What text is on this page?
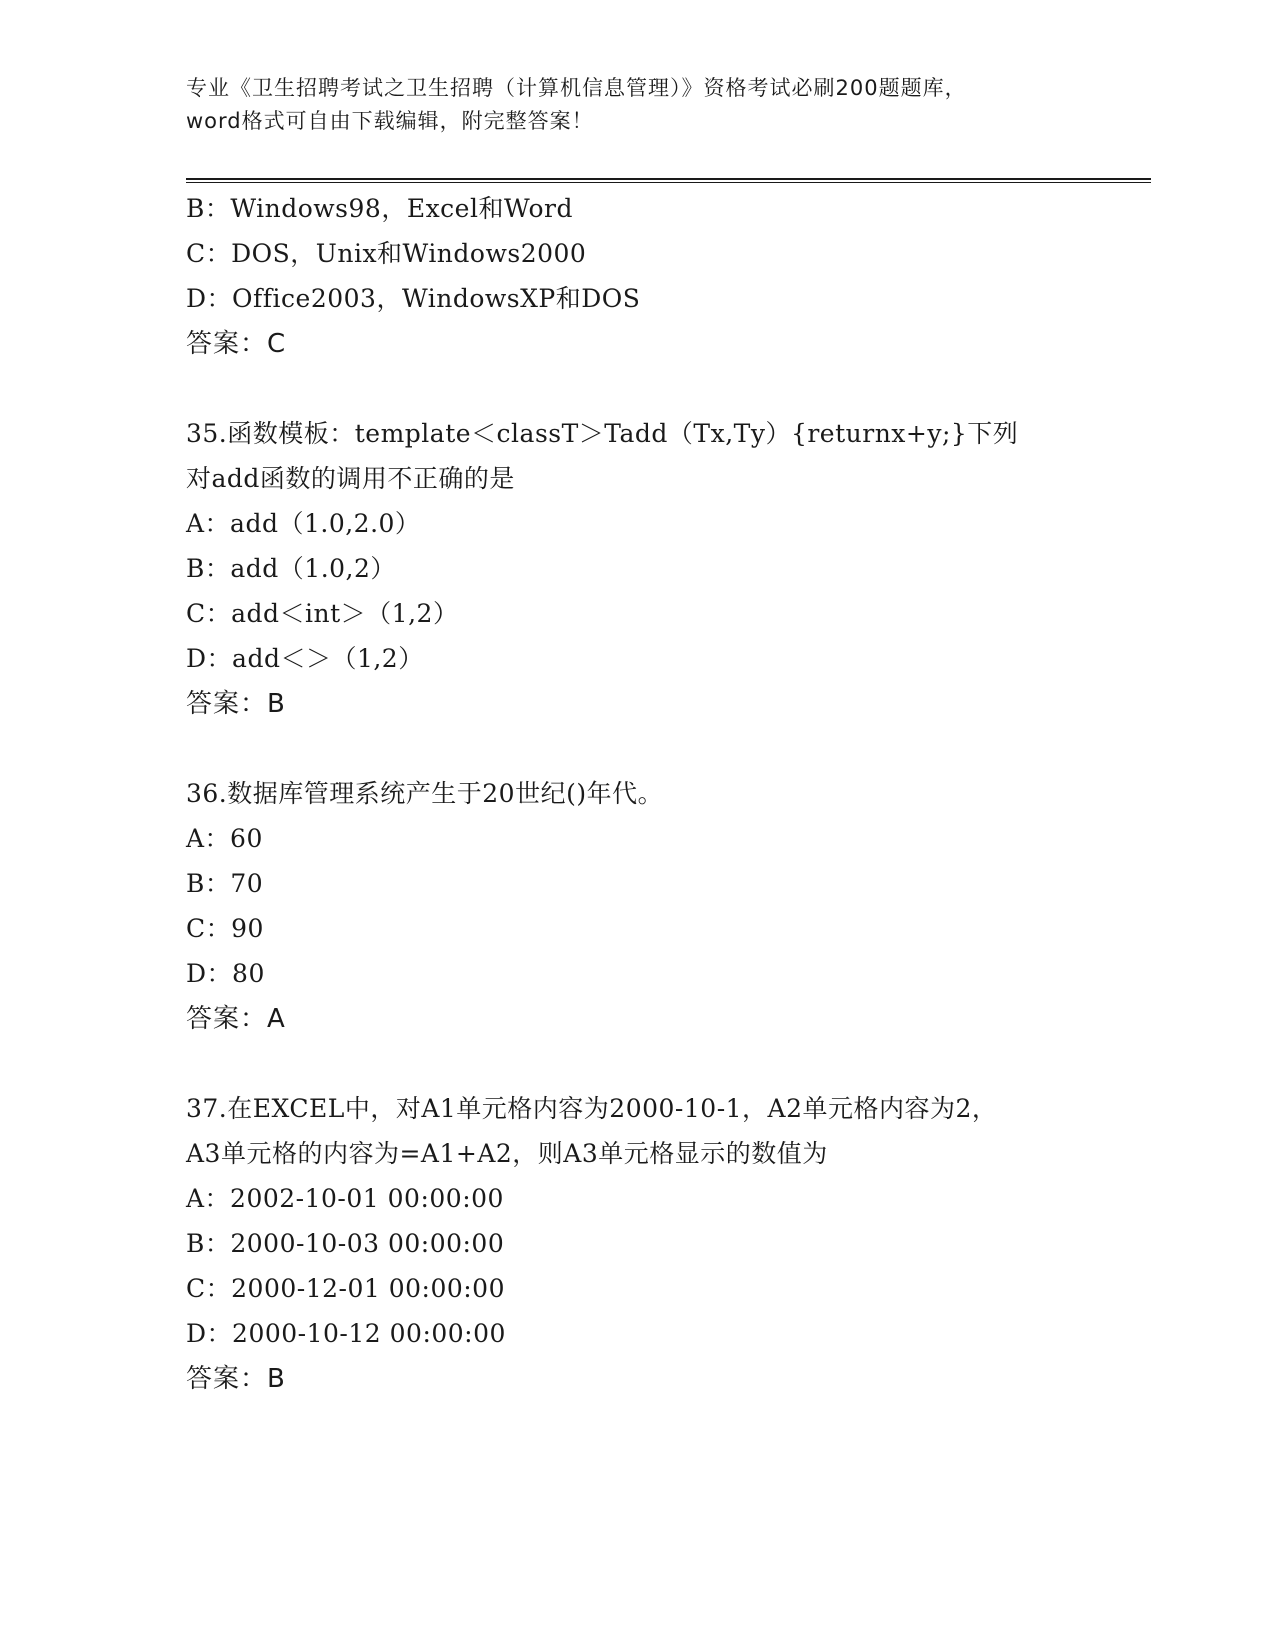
专业《卫生招聘考试之卫生招聘（计算机信息管理）》资格考试必刷200题题库，
word格式可自由下载编辑，附完整答案！
B：Windows98，Excel和Word
C：DOS，Unix和Windows2000
D：Office2003，WindowsXP和DOS
答案：C
35.函数模板：template＜classT＞Tadd（Tx,Ty）{returnx+y;}下列
对add函数的调用不正确的是
A：add（1.0,2.0）
B：add（1.0,2）
C：add＜int＞（1,2）
D：add＜＞（1,2）
答案：B
36.数据库管理系统产生于20世纪()年代。
A：60
B：70
C：90
D：80
答案：A
37.在EXCEL中，对A1单元格内容为2000-10-1，A2单元格内容为2，
A3单元格的内容为=A1+A2，则A3单元格显示的数值为
A：2002-10-01 00:00:00
B：2000-10-03 00:00:00
C：2000-12-01 00:00:00
D：2000-10-12 00:00:00
答案：B
